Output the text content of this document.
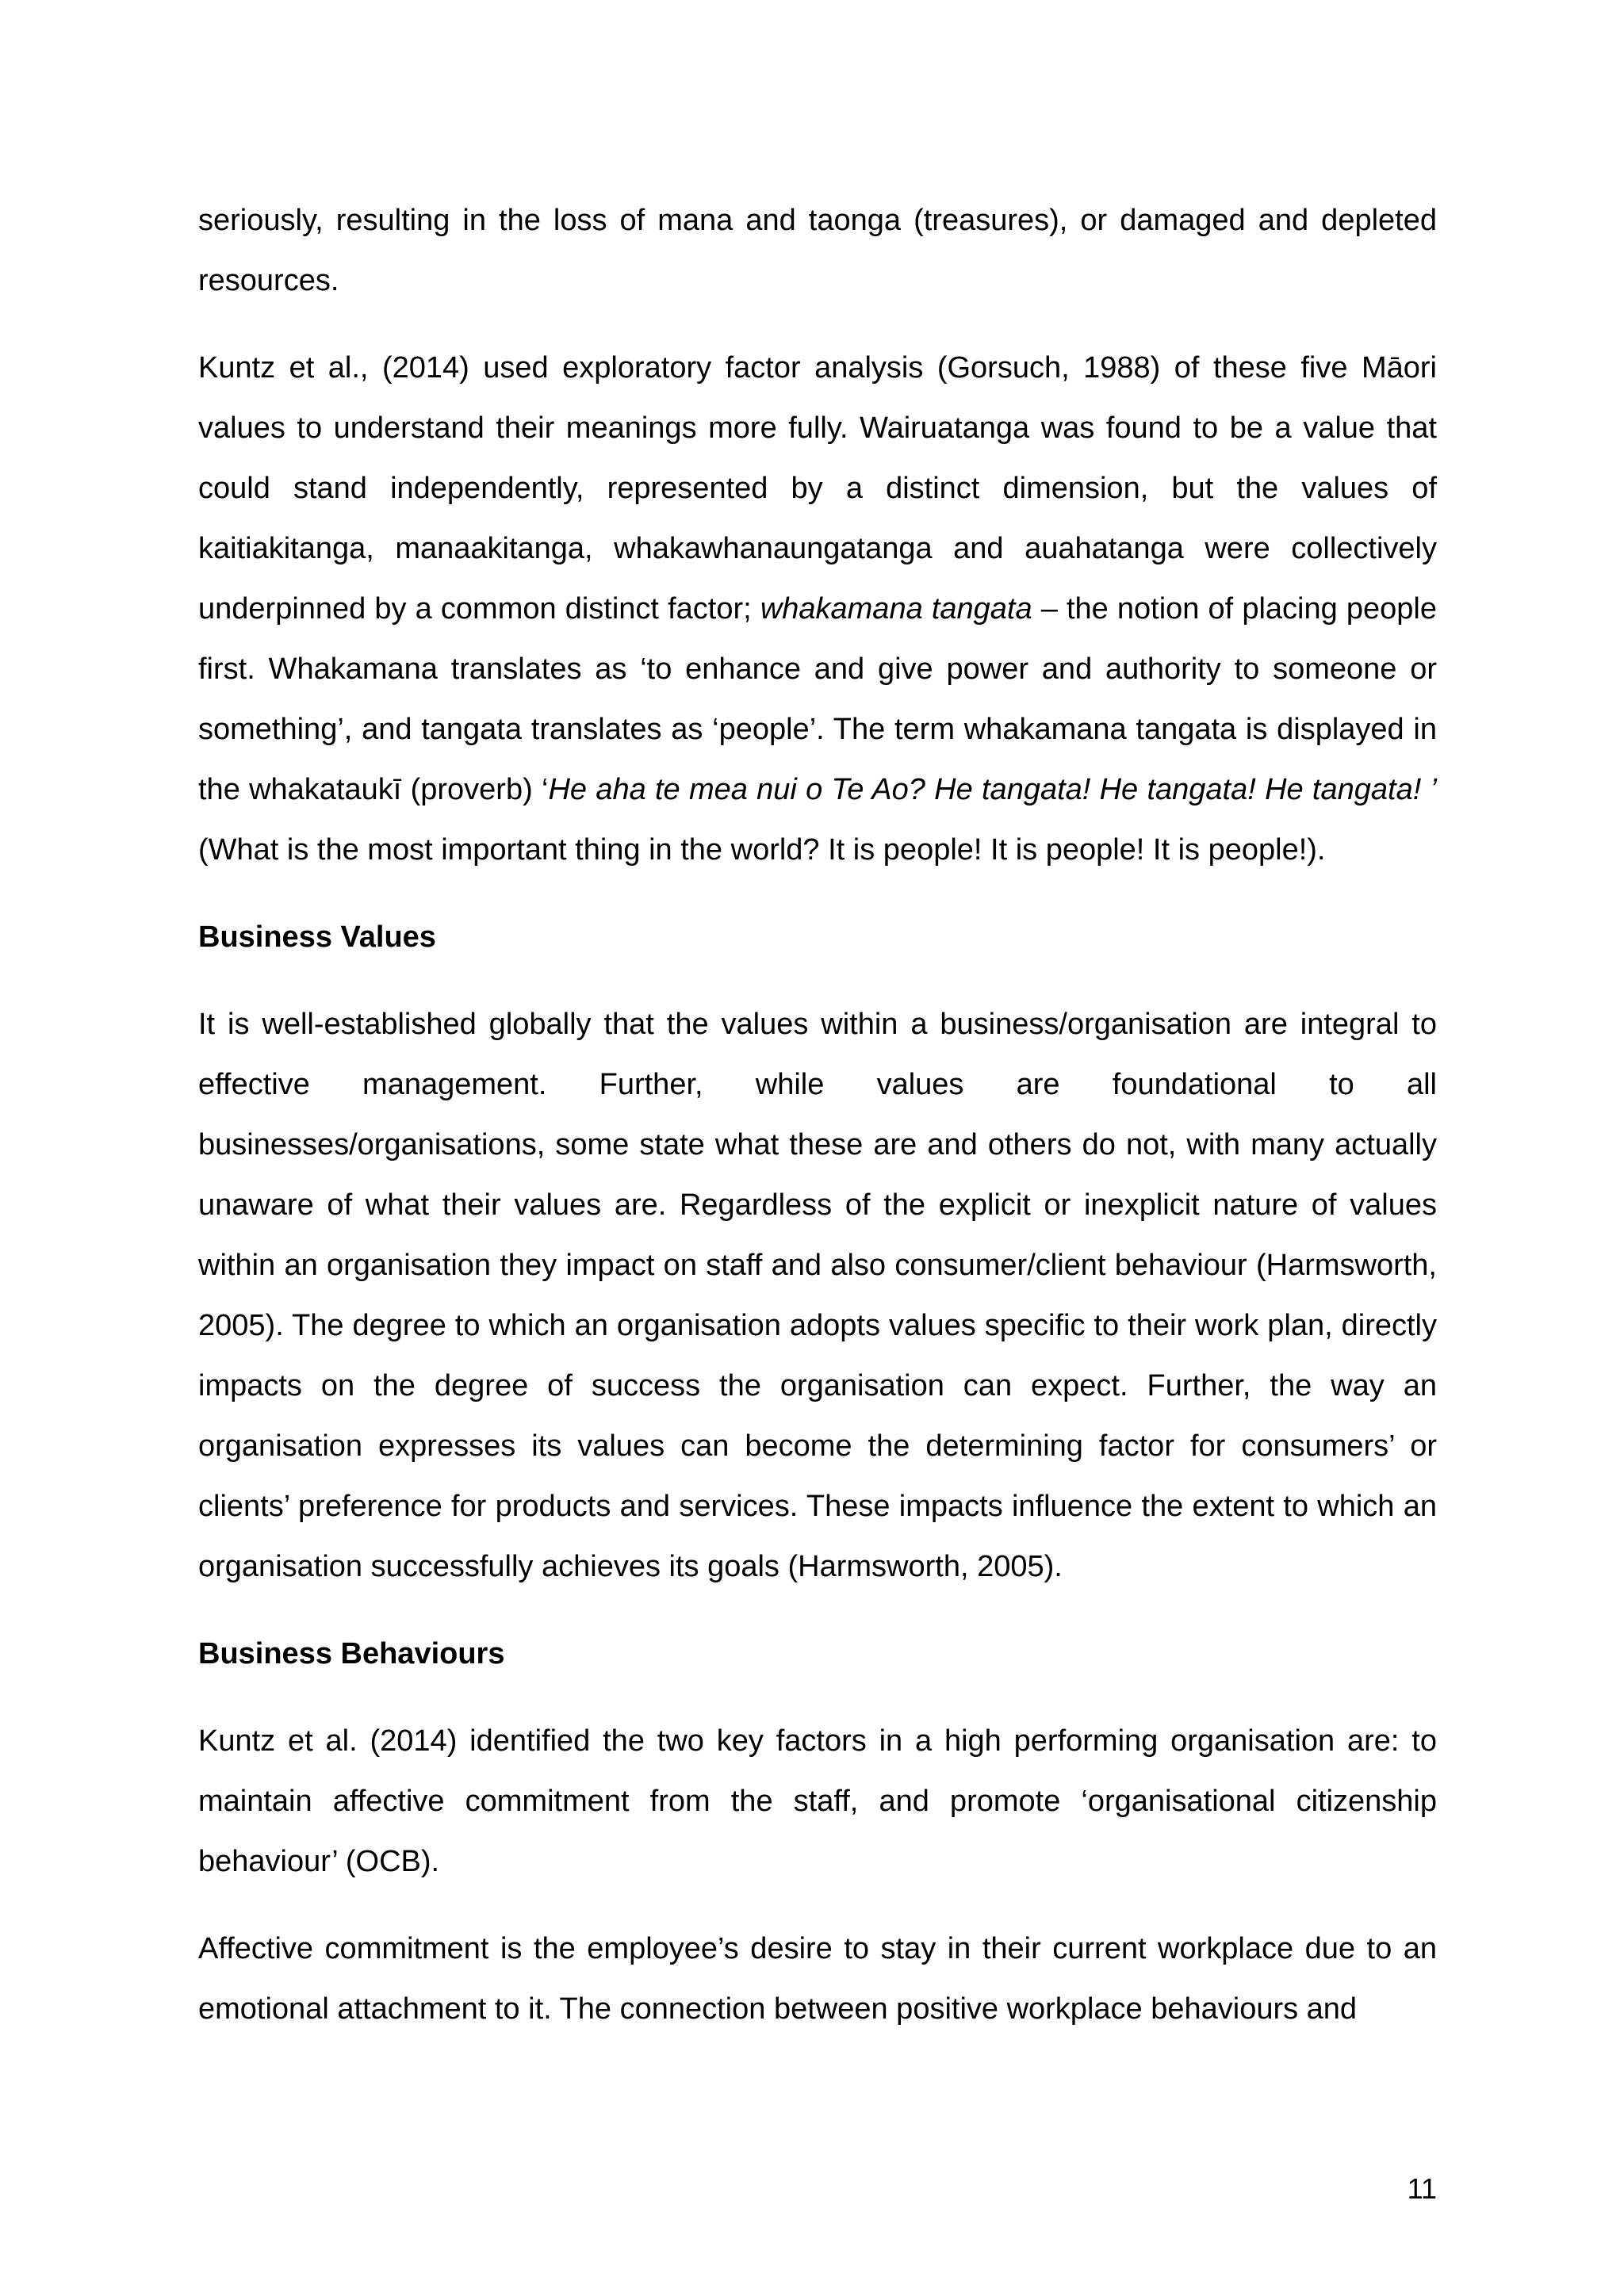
seriously, resulting in the loss of mana and taonga (treasures), or damaged and depleted resources.

Kuntz et al., (2014) used exploratory factor analysis (Gorsuch, 1988) of these five Māori values to understand their meanings more fully. Wairuatanga was found to be a value that could stand independently, represented by a distinct dimension, but the values of kaitiakitanga, manaakitanga, whakawhanaungatanga and auahatanga were collectively underpinned by a common distinct factor; whakamana tangata – the notion of placing people first. Whakamana translates as ‘to enhance and give power and authority to someone or something’, and tangata translates as ‘people’. The term whakamana tangata is displayed in the whakataukī (proverb) ‘He aha te mea nui o Te Ao? He tangata! He tangata! He tangata! ’ (What is the most important thing in the world? It is people! It is people! It is people!).

Business Values

It is well-established globally that the values within a business/organisation are integral to effective management. Further, while values are foundational to all businesses/organisations, some state what these are and others do not, with many actually unaware of what their values are. Regardless of the explicit or inexplicit nature of values within an organisation they impact on staff and also consumer/client behaviour (Harmsworth, 2005). The degree to which an organisation adopts values specific to their work plan, directly impacts on the degree of success the organisation can expect. Further, the way an organisation expresses its values can become the determining factor for consumers’ or clients’ preference for products and services. These impacts influence the extent to which an organisation successfully achieves its goals (Harmsworth, 2005).

Business Behaviours

Kuntz et al. (2014) identified the two key factors in a high performing organisation are: to maintain affective commitment from the staff, and promote ‘organisational citizenship behaviour’ (OCB).

Affective commitment is the employee’s desire to stay in their current workplace due to an emotional attachment to it. The connection between positive workplace behaviours and

11
